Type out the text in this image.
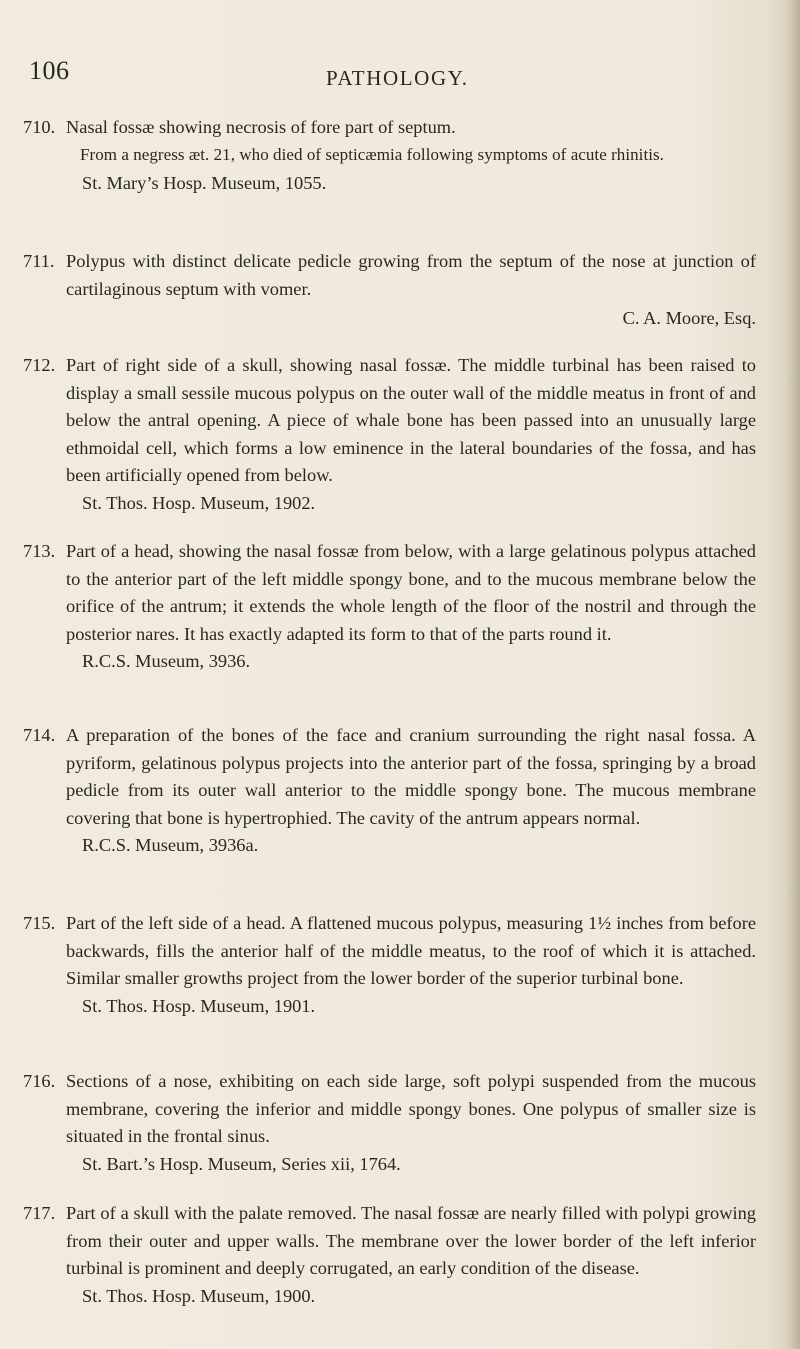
106	PATHOLOGY.
710. Nasal fossæ showing necrosis of fore part of septum.

From a negress æt. 21, who died of septicæmia following symptoms of acute rhinitis.

St. Mary’s Hosp. Museum, 1055.

711. Polypus with distinct delicate pedicle growing from the septum of the nose at junction of cartilaginous septum with vomer.

C. A. Moore, Esq.

712. Part of right side of a skull, showing nasal fossæ. The middle turbinal has been raised to display a small sessile mucous polypus on the outer wall of the middle meatus in front of and below the antral opening. A piece of whale bone has been passed into an unusually large ethmoidal cell, which forms a low eminence in the lateral boundaries of the fossa, and has been artificially opened from below.

St. Thos. Hosp. Museum, 1902.

713. Part of a head, showing the nasal fossæ from below, with a large gelatinous polypus attached to the anterior part of the left middle spongy bone, and to the mucous membrane below the orifice of the antrum; it extends the whole length of the floor of the nostril and through the posterior nares. It has exactly adapted its form to that of the parts round it.

R.C.S. Museum, 3936.

714. A preparation of the bones of the face and cranium surrounding the right nasal fossa. A pyriform, gelatinous polypus projects into the anterior part of the fossa, springing by a broad pedicle from its outer wall anterior to the middle spongy bone. The mucous membrane covering that bone is hypertrophied. The cavity of the antrum appears normal.

R.C.S. Museum, 3936a.

715. Part of the left side of a head. A flattened mucous polypus, measuring 1½ inches from before backwards, fills the anterior half of the middle meatus, to the roof of which it is attached. Similar smaller growths project from the lower border of the superior turbinal bone.

St. Thos. Hosp. Museum, 1901.

716. Sections of a nose, exhibiting on each side large, soft polypi suspended from the mucous membrane, covering the inferior and middle spongy bones. One polypus of smaller size is situated in the frontal sinus.

St. Bart.’s Hosp. Museum, Series xii, 1764.

717. Part of a skull with the palate removed. The nasal fossæ are nearly filled with polypi growing from their outer and upper walls. The membrane over the lower border of the left inferior turbinal is prominent and deeply corrugated, an early condition of the disease.

St. Thos. Hosp. Museum, 1900.
